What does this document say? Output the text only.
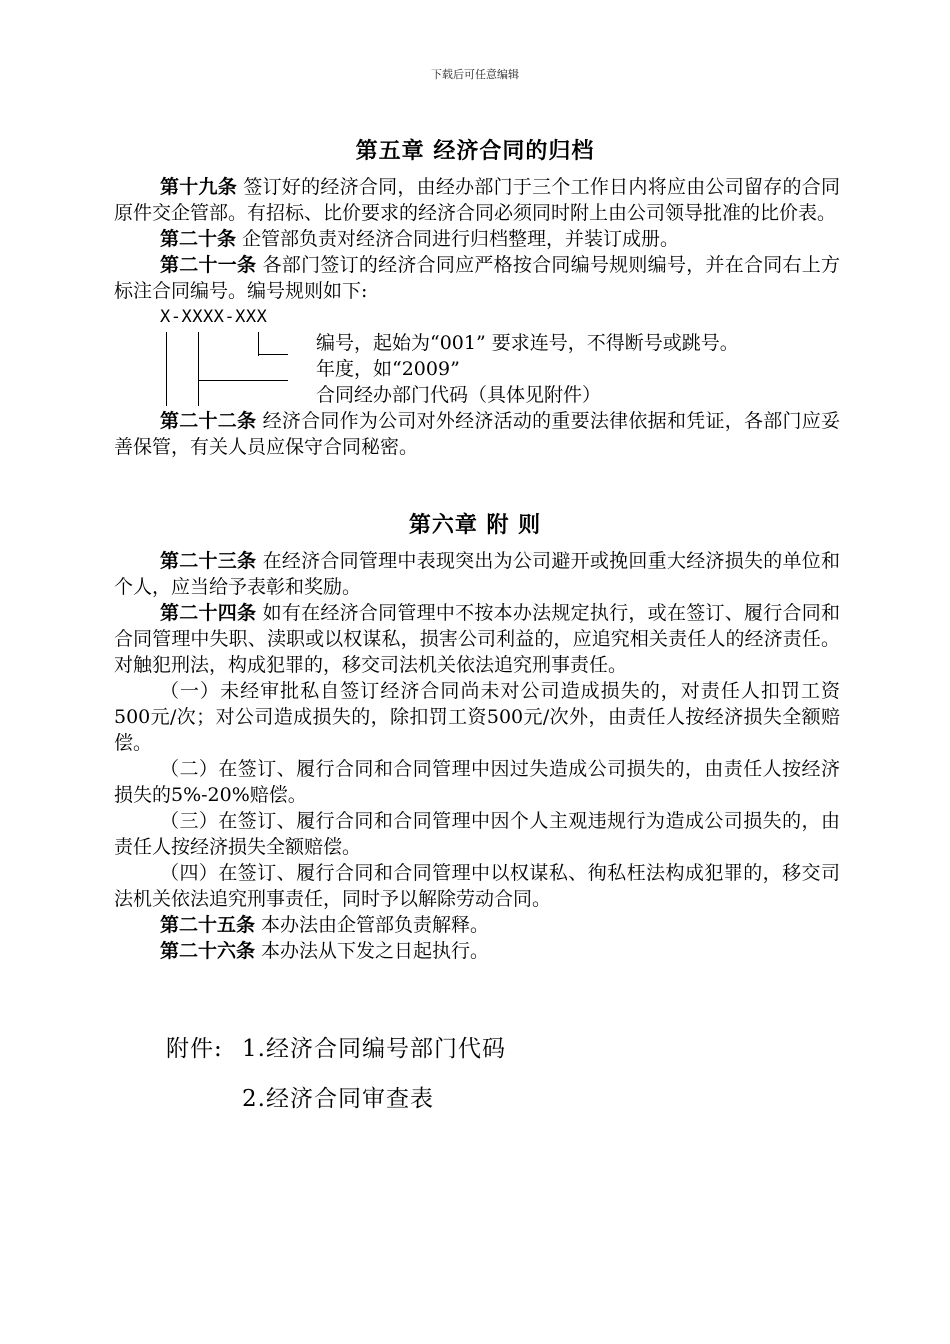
下载后可任意编辑
第五章 经济合同的归档

第十九条 签订好的经济合同，由经办部门于三个工作日内将应由公司留存的合同原件交企管部。有招标、比价要求的经济合同必须同时附上由公司领导批准的比价表。

第二十条 企管部负责对经济合同进行归档整理，并装订成册。

第二十一条 各部门签订的经济合同应严格按合同编号规则编号，并在合同右上方标注合同编号。编号规则如下:

X-XXXX-XXX

编号，起始为“001” 要求连号，不得断号或跳号。
年度，如“2009”
合同经办部门代码（具体见附件）

第二十二条 经济合同作为公司对外经济活动的重要法律依据和凭证，各部门应妥善保管，有关人员应保守合同秘密。

第六章 附 则

第二十三条 在经济合同管理中表现突出为公司避开或挽回重大经济损失的单位和个人，应当给予表彰和奖励。

第二十四条 如有在经济合同管理中不按本办法规定执行，或在签订、履行合同和合同管理中失职、渎职或以权谋私，损害公司利益的，应追究相关责任人的经济责任。对触犯刑法，构成犯罪的，移交司法机关依法追究刑事责任。

（一）未经审批私自签订经济合同尚未对公司造成损失的，对责任人扣罚工资500元/次；对公司造成损失的，除扣罚工资500元/次外，由责任人按经济损失全额赔偿。

（二）在签订、履行合同和合同管理中因过失造成公司损失的，由责任人按经济损失的5%-20%赔偿。

（三）在签订、履行合同和合同管理中因个人主观违规行为造成公司损失的，由责任人按经济损失全额赔偿。

（四）在签订、履行合同和合同管理中以权谋私、徇私枉法构成犯罪的，移交司法机关依法追究刑事责任，同时予以解除劳动合同。

第二十五条 本办法由企管部负责解释。

第二十六条 本办法从下发之日起执行。

附件: 1.经济合同编号部门代码
2.经济合同审查表
